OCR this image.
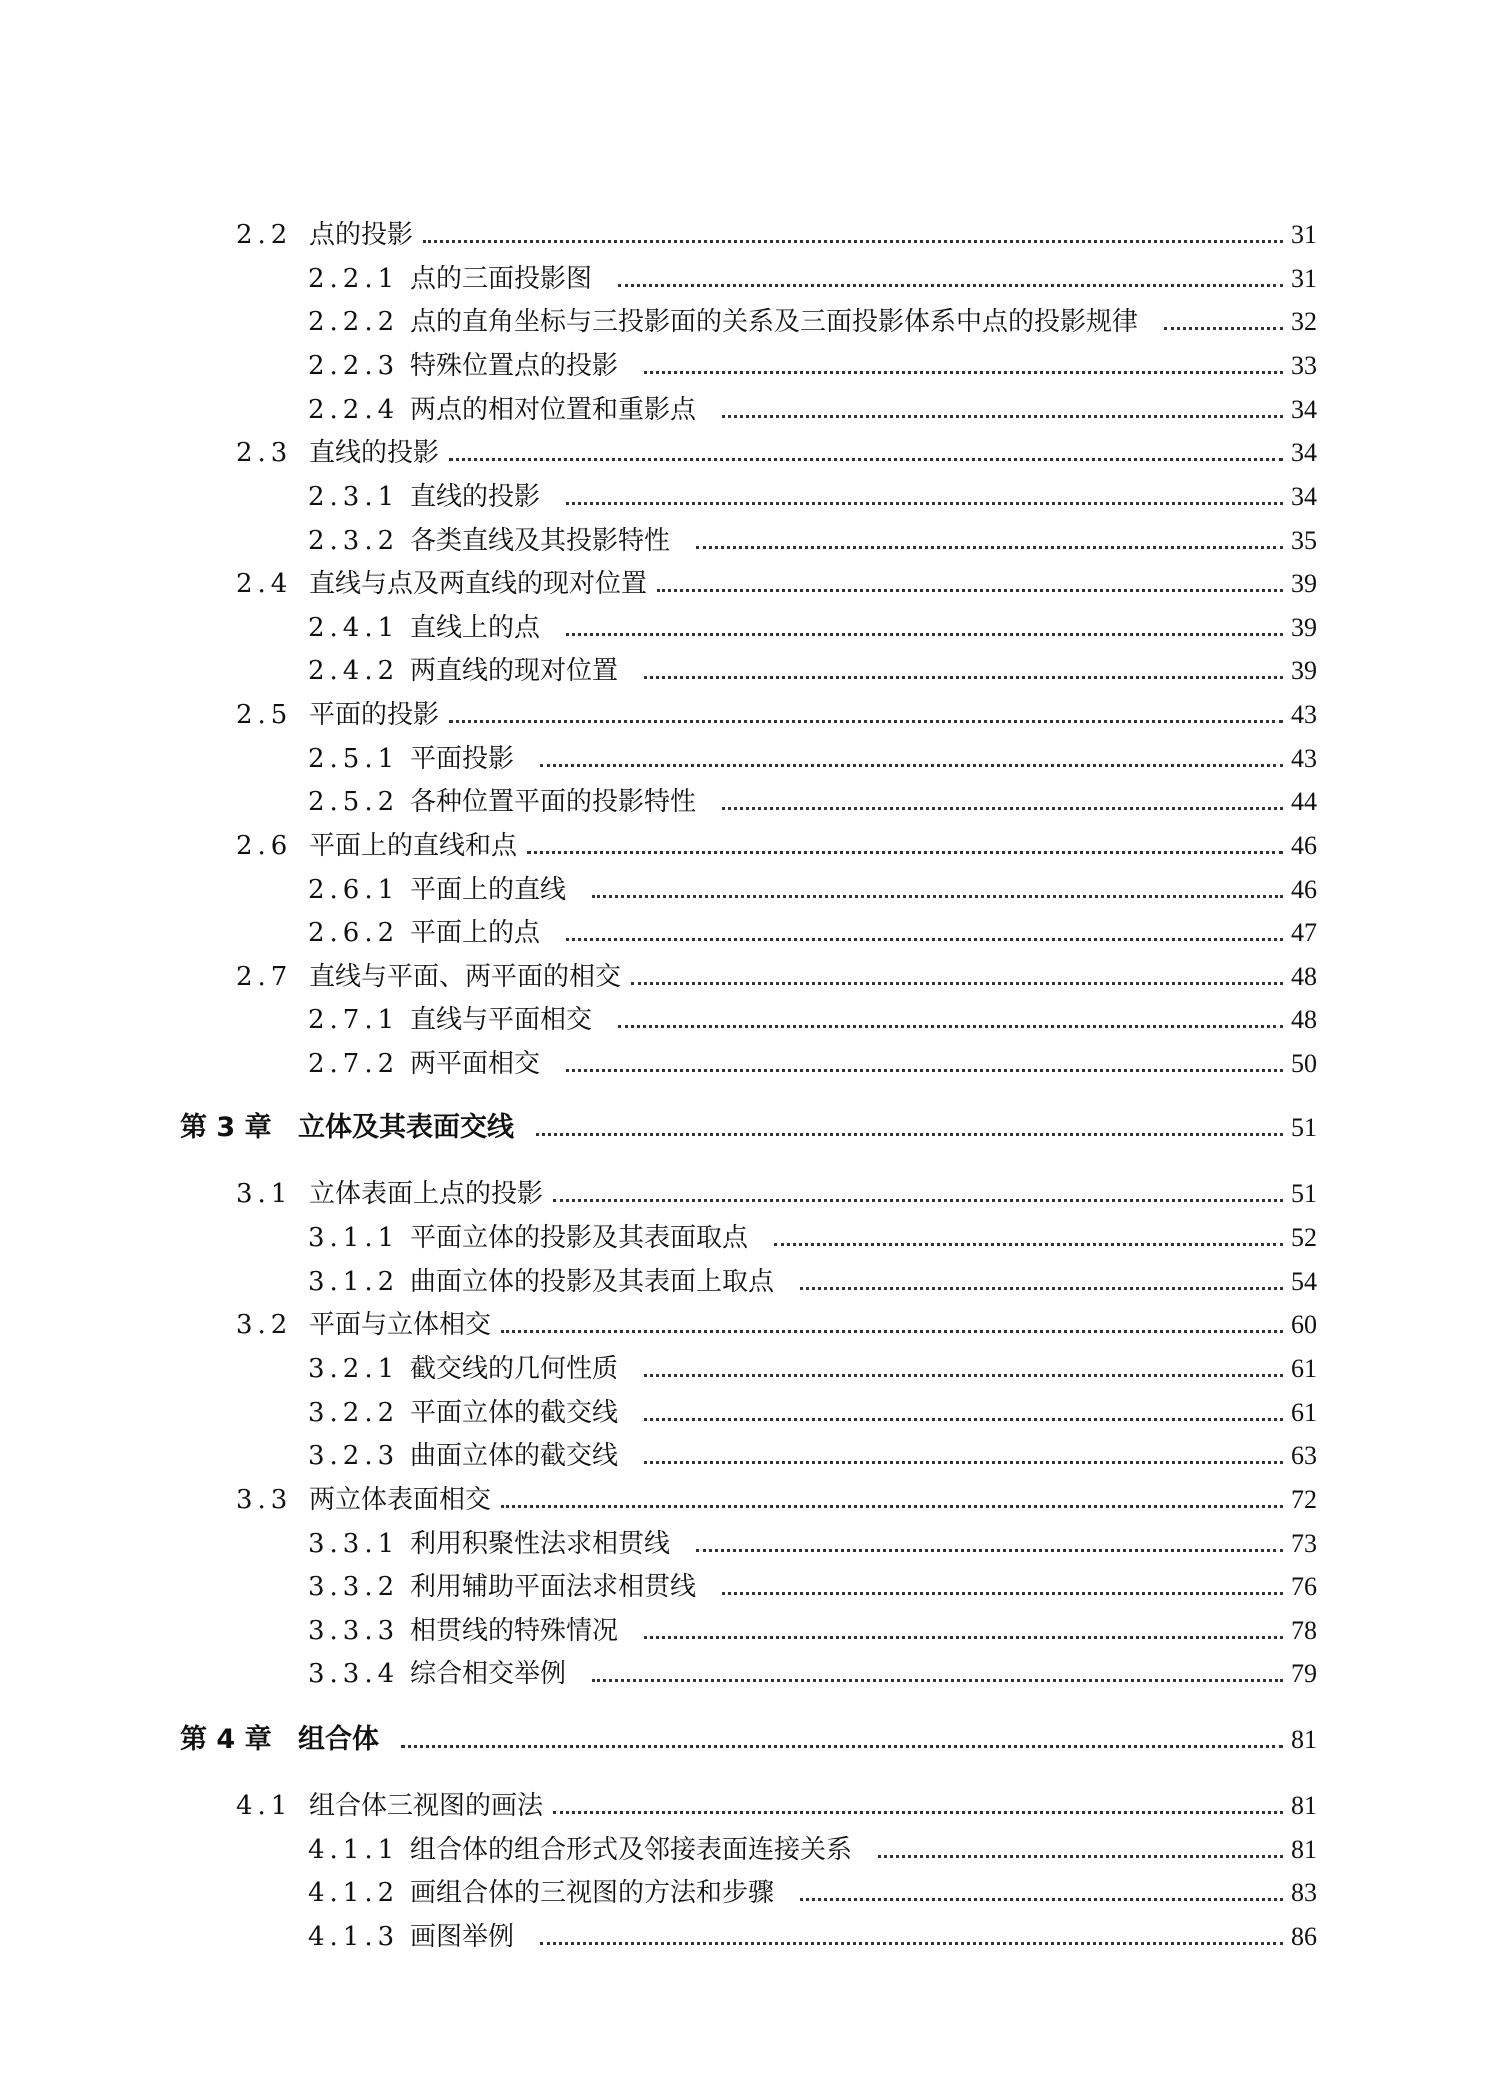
2.2 点的投影	31
2.2.1 点的三面投影图	31
2.2.2 点的直角坐标与三投影面的关系及三面投影体系中点的投影规律	32
2.2.3 特殊位置点的投影	33
2.2.4 两点的相对位置和重影点	34
2.3 直线的投影	34
2.3.1 直线的投影	34
2.3.2 各类直线及其投影特性	35
2.4 直线与点及两直线的现对位置	39
2.4.1 直线上的点	39
2.4.2 两直线的现对位置	39
2.5 平面的投影	43
2.5.1 平面投影	43
2.5.2 各种位置平面的投影特性	44
2.6 平面上的直线和点	46
2.6.1 平面上的直线	46
2.6.2 平面上的点	47
2.7 直线与平面、两平面的相交	48
2.7.1 直线与平面相交	48
2.7.2 两平面相交	50
第 3 章 立体及其表面交线	51
3.1 立体表面上点的投影	51
3.1.1 平面立体的投影及其表面取点	52
3.1.2 曲面立体的投影及其表面上取点	54
3.2 平面与立体相交	60
3.2.1 截交线的几何性质	61
3.2.2 平面立体的截交线	61
3.2.3 曲面立体的截交线	63
3.3 两立体表面相交	72
3.3.1 利用积聚性法求相贯线	73
3.3.2 利用辅助平面法求相贯线	76
3.3.3 相贯线的特殊情况	78
3.3.4 综合相交举例	79
第 4 章 组合体	81
4.1 组合体三视图的画法	81
4.1.1 组合体的组合形式及邻接表面连接关系	81
4.1.2 画组合体的三视图的方法和步骤	83
4.1.3 画图举例	86
